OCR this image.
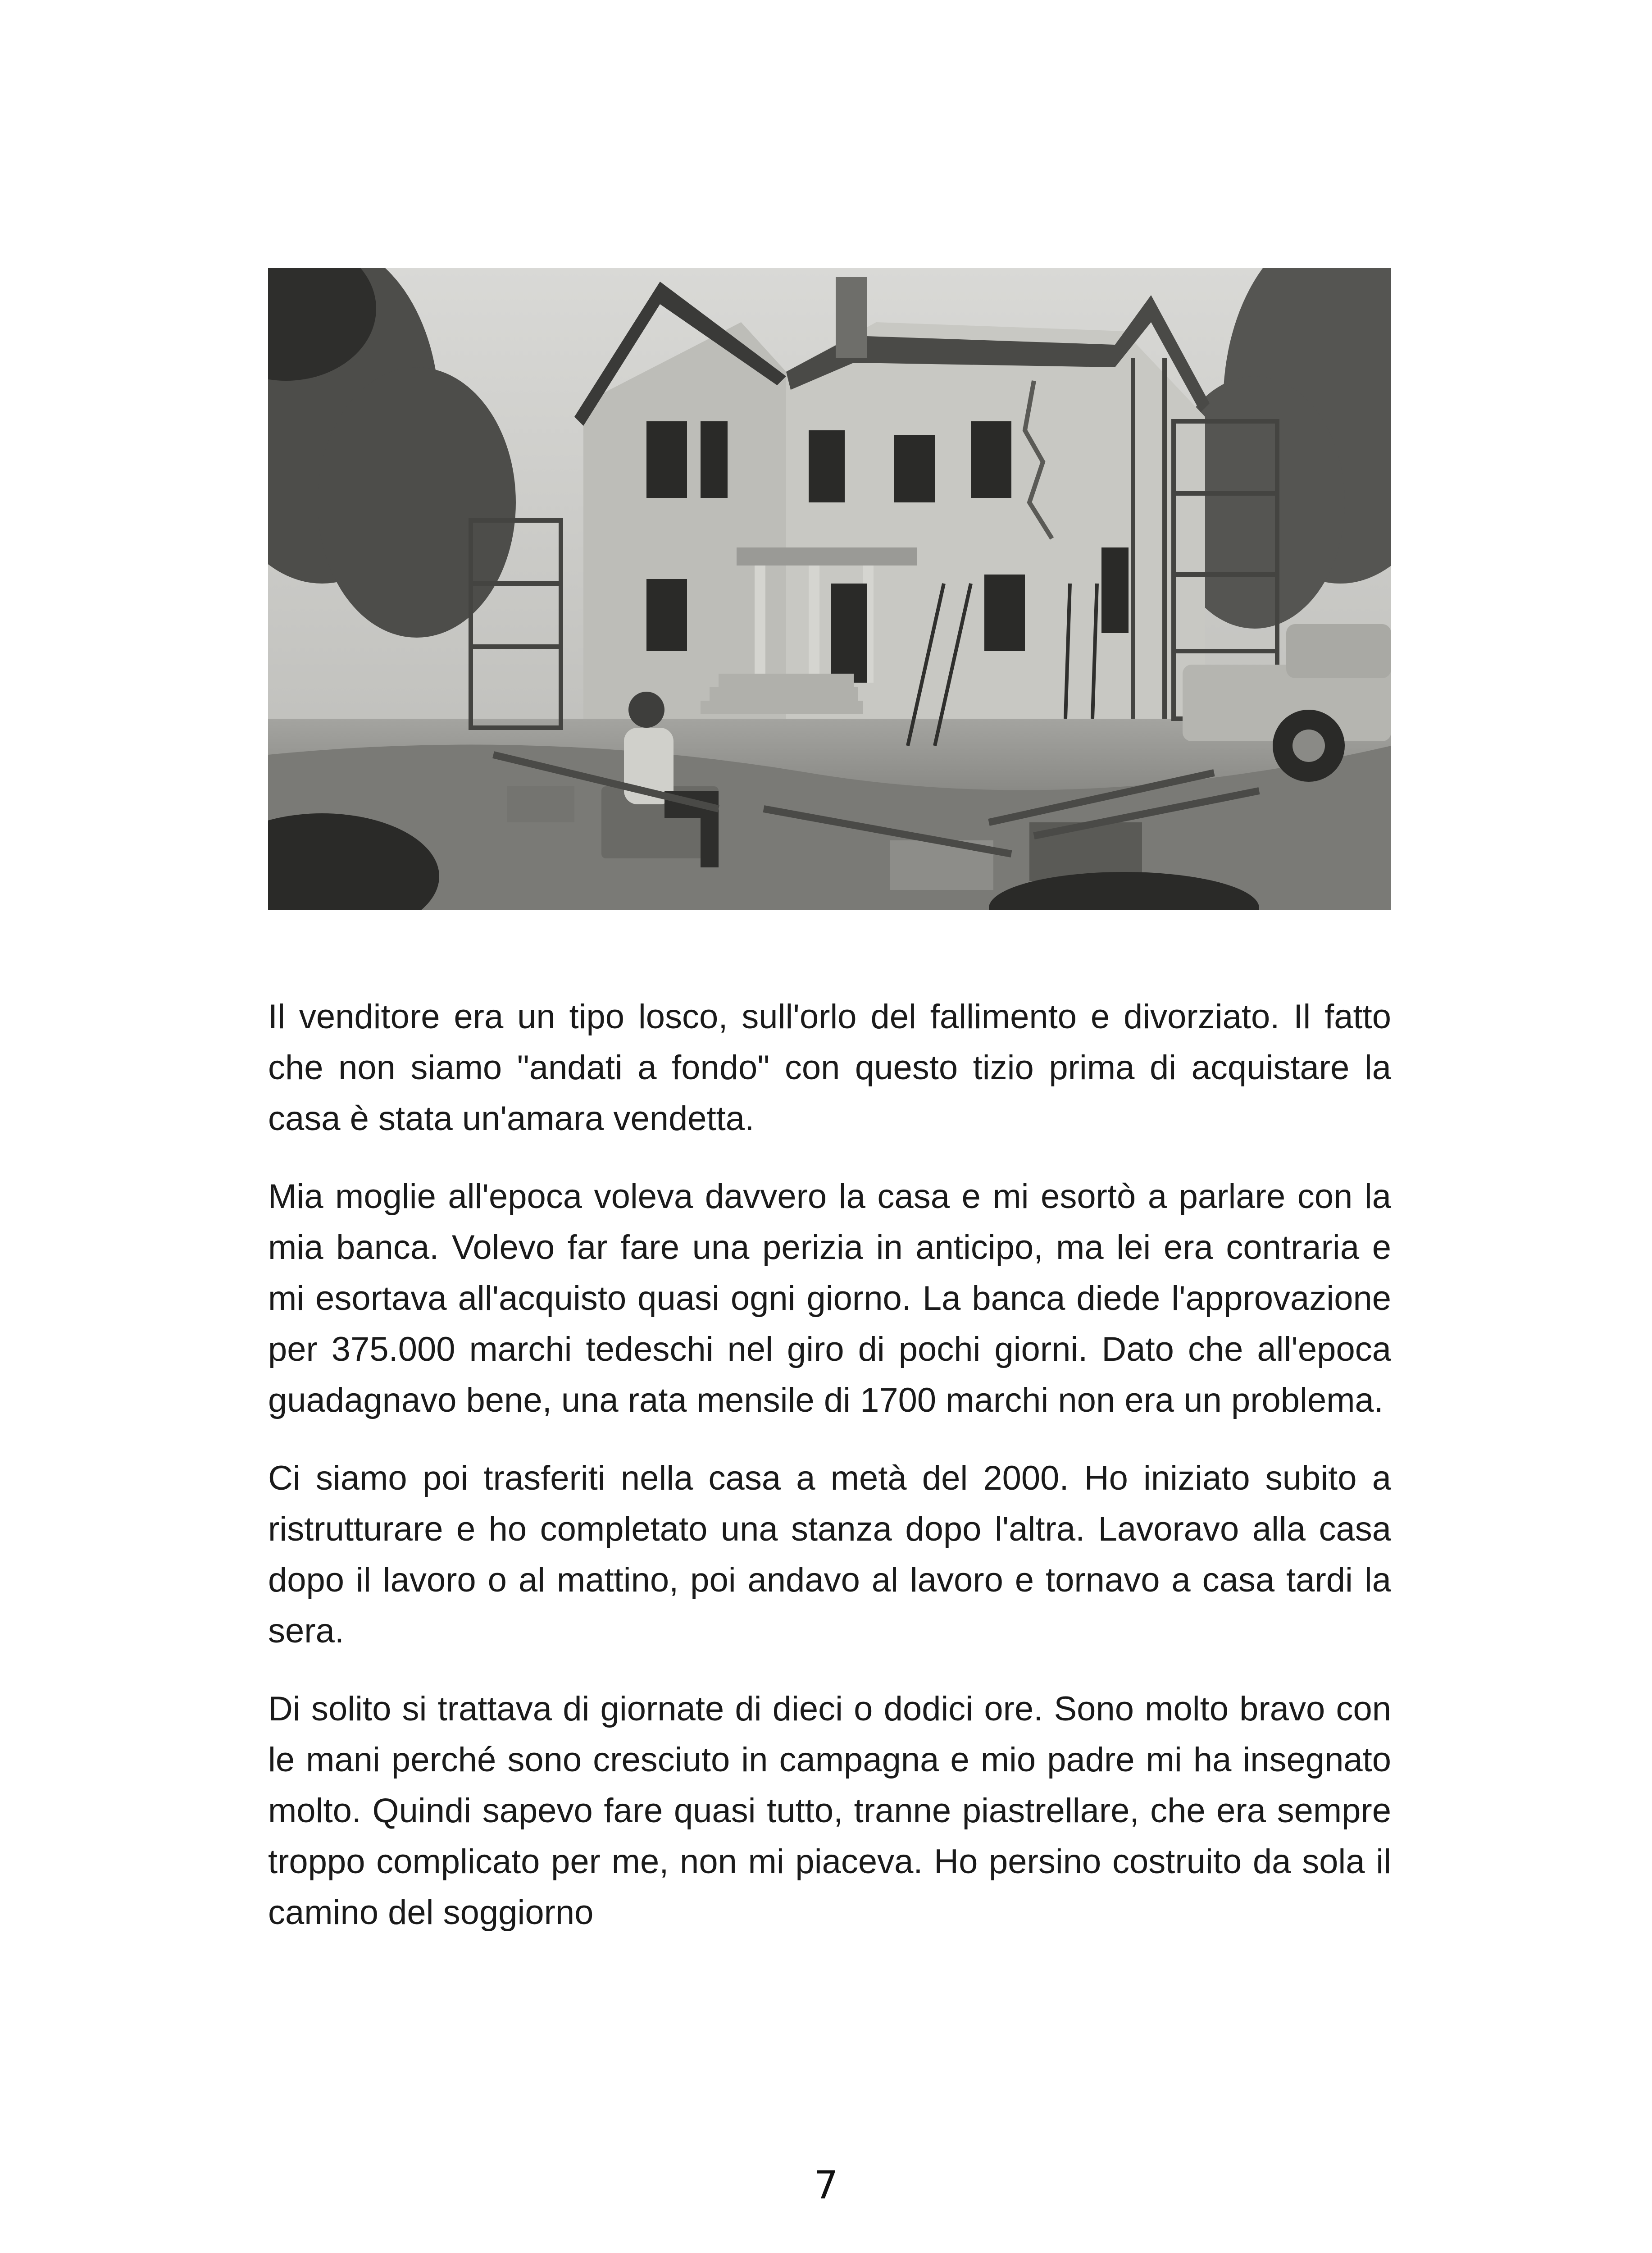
Il venditore era un tipo losco, sull'orlo del fallimento e divorziato. Il fatto che non siamo "andati a fondo" con questo tizio prima di acquistare la casa è stata un'amara vendetta.

Mia moglie all'epoca voleva davvero la casa e mi esortò a parlare con la mia banca. Volevo far fare una perizia in anticipo, ma lei era contraria e mi esortava all'acquisto quasi ogni giorno. La banca diede l'approvazione per 375.000 marchi tedeschi nel giro di pochi giorni. Dato che all'epoca guadagnavo bene, una rata mensile di 1700 marchi non era un problema.

Ci siamo poi trasferiti nella casa a metà del 2000. Ho iniziato subito a ristrutturare e ho completato una stanza dopo l'altra. Lavoravo alla casa dopo il lavoro o al mattino, poi andavo al lavoro e tornavo a casa tardi la sera.

Di solito si trattava di giornate di dieci o dodici ore. Sono molto bravo con le mani perché sono cresciuto in campagna e mio padre mi ha insegnato molto. Quindi sapevo fare quasi tutto, tranne piastrellare, che era sempre troppo complicato per me, non mi piaceva. Ho persino costruito da sola il camino del soggiorno

7
